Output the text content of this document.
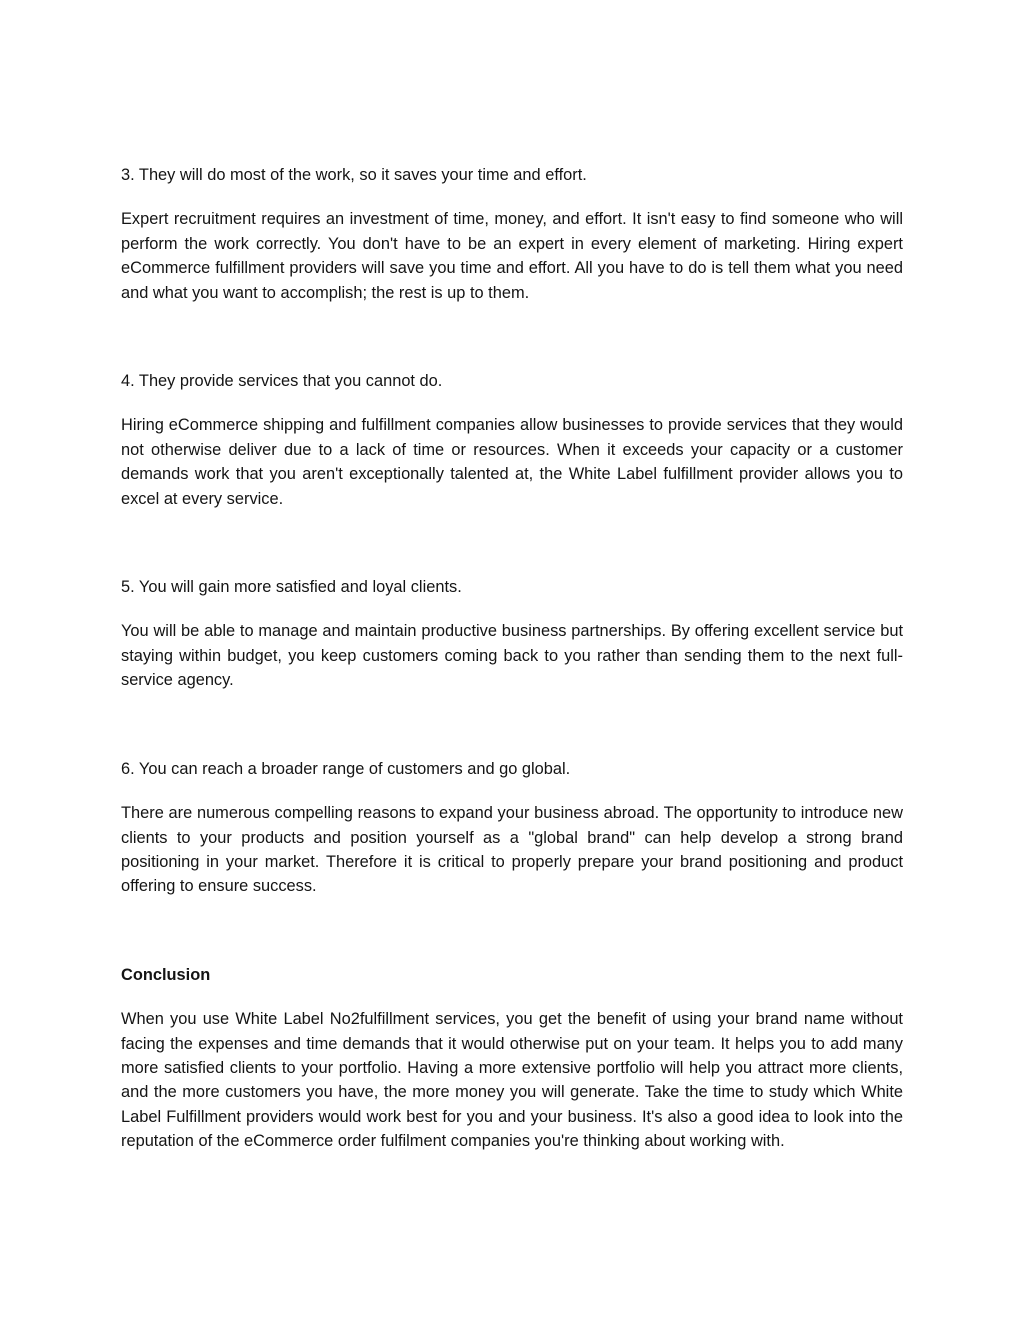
3. They will do most of the work, so it saves your time and effort.

Expert recruitment requires an investment of time, money, and effort. It isn't easy to find someone who will perform the work correctly. You don't have to be an expert in every element of marketing. Hiring expert eCommerce fulfillment providers will save you time and effort. All you have to do is tell them what you need and what you want to accomplish; the rest is up to them.

4. They provide services that you cannot do.

Hiring eCommerce shipping and fulfillment companies allow businesses to provide services that they would not otherwise deliver due to a lack of time or resources. When it exceeds your capacity or a customer demands work that you aren't exceptionally talented at, the White Label fulfillment provider allows you to excel at every service.

5. You will gain more satisfied and loyal clients.

You will be able to manage and maintain productive business partnerships. By offering excellent service but staying within budget, you keep customers coming back to you rather than sending them to the next full-service agency.

6. You can reach a broader range of customers and go global.

There are numerous compelling reasons to expand your business abroad. The opportunity to introduce new clients to your products and position yourself as a "global brand" can help develop a strong brand positioning in your market. Therefore it is critical to properly prepare your brand positioning and product offering to ensure success.

Conclusion

When you use White Label No2fulfillment services, you get the benefit of using your brand name without facing the expenses and time demands that it would otherwise put on your team. It helps you to add many more satisfied clients to your portfolio. Having a more extensive portfolio will help you attract more clients, and the more customers you have, the more money you will generate. Take the time to study which White Label Fulfillment providers would work best for you and your business. It's also a good idea to look into the reputation of the eCommerce order fulfilment companies you're thinking about working with.
